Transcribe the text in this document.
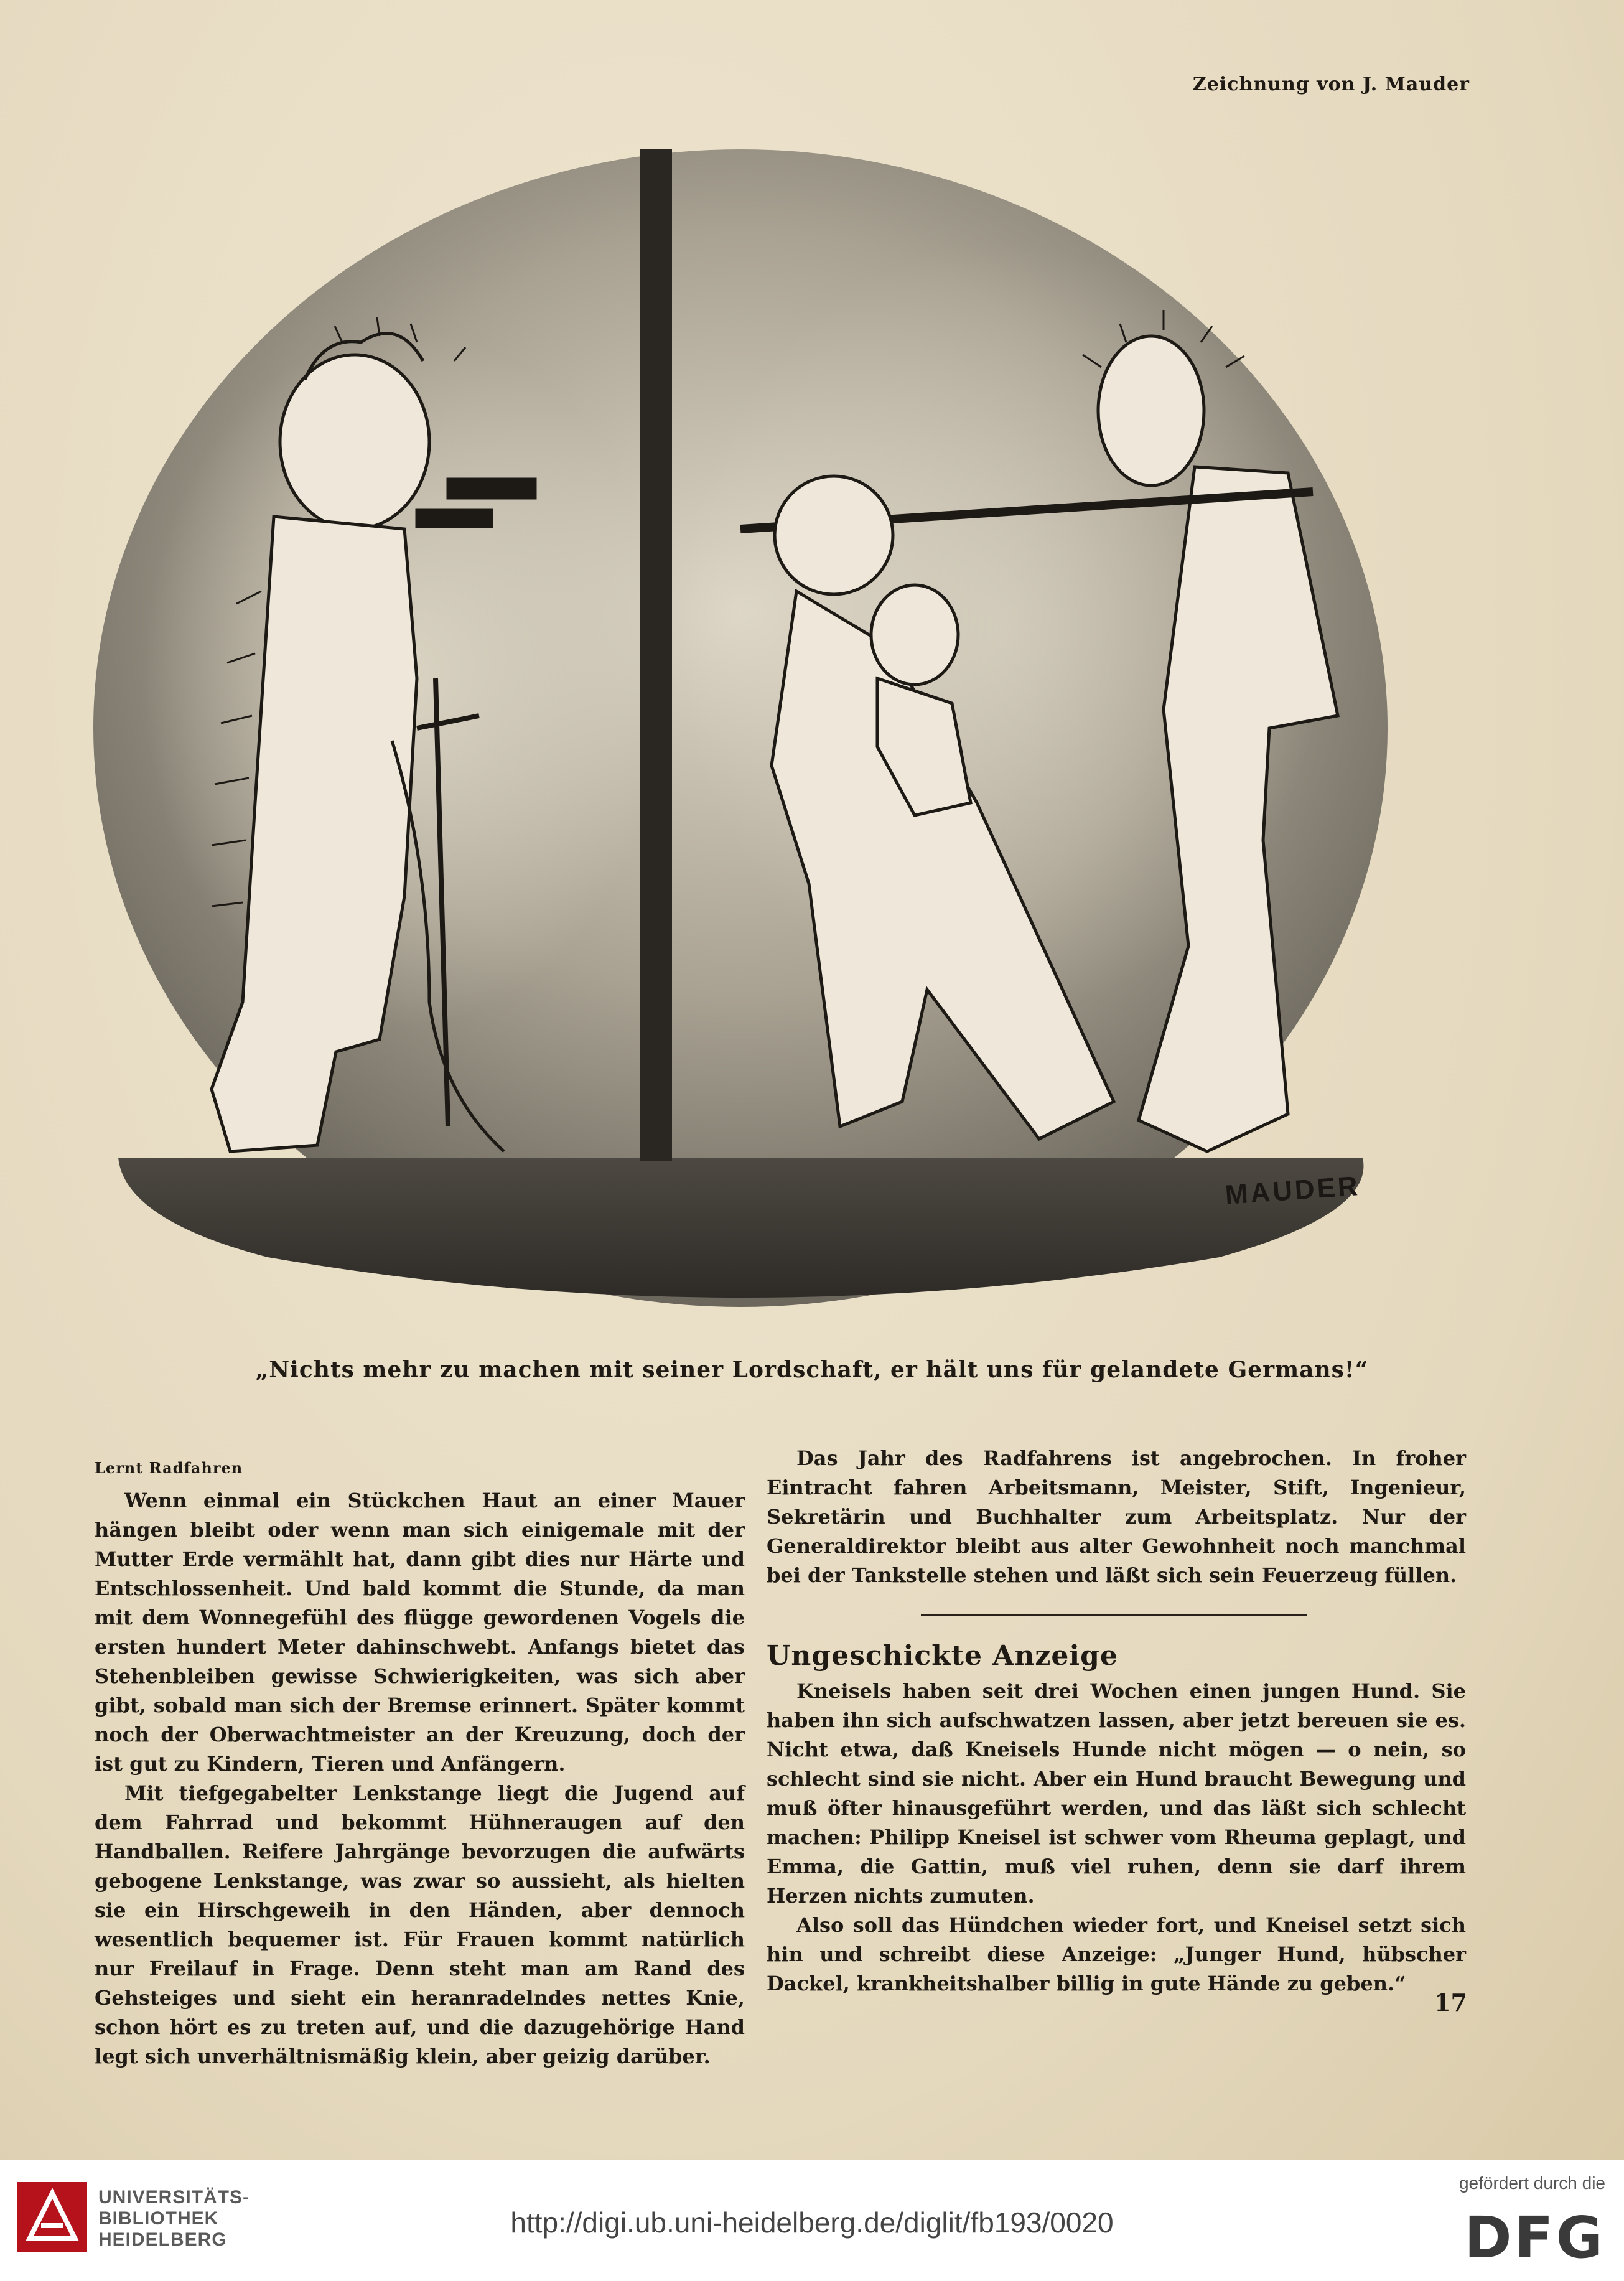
Zeichnung von J. Mauder
MAUDER
„Nichts mehr zu machen mit seiner Lordschaft, er hält uns für gelandete Germans!“
Lernt Radfahren

Wenn einmal ein Stückchen Haut an einer Mauer hängen bleibt oder wenn man sich einigemale mit der Mutter Erde vermählt hat, dann gibt dies nur Härte und Entschlossenheit. Und bald kommt die Stunde, da man mit dem Wonnegefühl des flügge gewordenen Vogels die ersten hundert Meter dahinschwebt. Anfangs bietet das Stehenbleiben gewisse Schwierigkeiten, was sich aber gibt, sobald man sich der Bremse erinnert. Später kommt noch der Oberwachtmeister an der Kreuzung, doch der ist gut zu Kindern, Tieren und Anfängern.

Mit tiefgegabelter Lenkstange liegt die Jugend auf dem Fahrrad und bekommt Hühneraugen auf den Handballen. Reifere Jahrgänge bevorzugen die aufwärts gebogene Lenkstange, was zwar so aussieht, als hielten sie ein Hirschgeweih in den Händen, aber dennoch wesentlich bequemer ist. Für Frauen kommt natürlich nur Freilauf in Frage. Denn steht man am Rand des Gehsteiges und sieht ein heranradelndes nettes Knie, schon hört es zu treten auf, und die dazugehörige Hand legt sich unverhältnismäßig klein, aber geizig darüber.

Das Jahr des Radfahrens ist angebrochen. In froher Eintracht fahren Arbeitsmann, Meister, Stift, Ingenieur, Sekretärin und Buchhalter zum Arbeitsplatz. Nur der Generaldirektor bleibt aus alter Gewohnheit noch manchmal bei der Tankstelle stehen und läßt sich sein Feuerzeug füllen.

Ungeschickte Anzeige

Kneisels haben seit drei Wochen einen jungen Hund. Sie haben ihn sich aufschwatzen lassen, aber jetzt bereuen sie es. Nicht etwa, daß Kneisels Hunde nicht mögen — o nein, so schlecht sind sie nicht. Aber ein Hund braucht Bewegung und muß öfter hinausgeführt werden, und das läßt sich schlecht machen: Philipp Kneisel ist schwer vom Rheuma geplagt, und Emma, die Gattin, muß viel ruhen, denn sie darf ihrem Herzen nichts zumuten.

Also soll das Hündchen wieder fort, und Kneisel setzt sich hin und schreibt diese Anzeige: „Junger Hund, hübscher Dackel, krankheitshalber billig in gute Hände zu geben.“

17
UNIVERSITÄTS-
BIBLIOTHEK
HEIDELBERG
http://digi.ub.uni-heidelberg.de/diglit/fb193/0020
gefördert durch die
DFG
